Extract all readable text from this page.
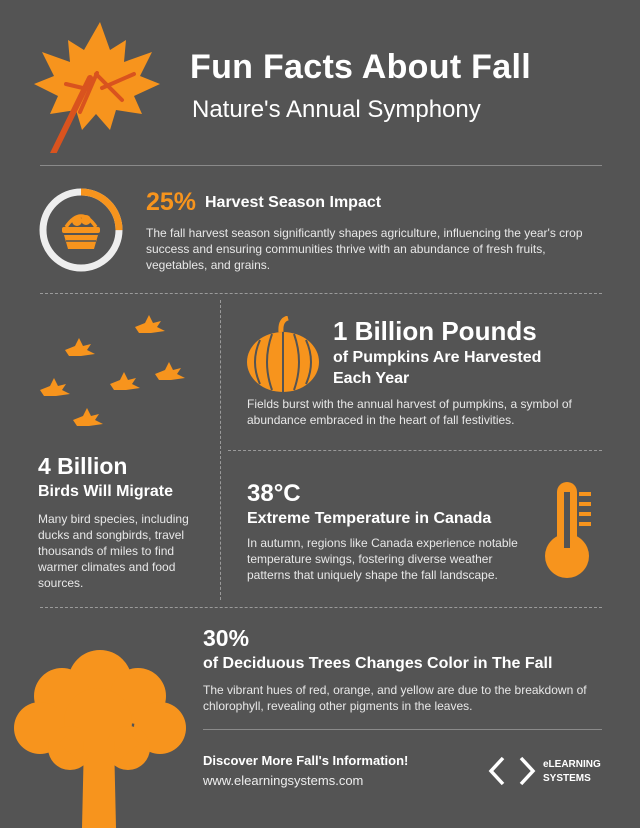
Fun Facts About Fall
Nature's Annual Symphony
25% Harvest Season Impact
The fall harvest season significantly shapes agriculture, influencing the year's crop success and ensuring communities thrive with an abundance of fresh fruits, vegetables, and grains.
4 Billion
Birds Will Migrate
Many bird species, including ducks and songbirds, travel thousands of miles to find warmer climates and food sources.
1 Billion Pounds
of Pumpkins Are Harvested
Each Year
Fields burst with the annual harvest of pumpkins, a symbol of abundance embraced in the heart of fall festivities.
38°C
Extreme Temperature in Canada
In autumn, regions like Canada experience notable temperature swings, fostering diverse weather patterns that uniquely shape the fall landscape.
30%
of Deciduous Trees Changes Color in The Fall
The vibrant hues of red, orange, and yellow are due to the breakdown of chlorophyll, revealing other pigments in the leaves.
Discover More Fall's Information!
www.elearningsystems.com
eLEARNING
SYSTEMS
